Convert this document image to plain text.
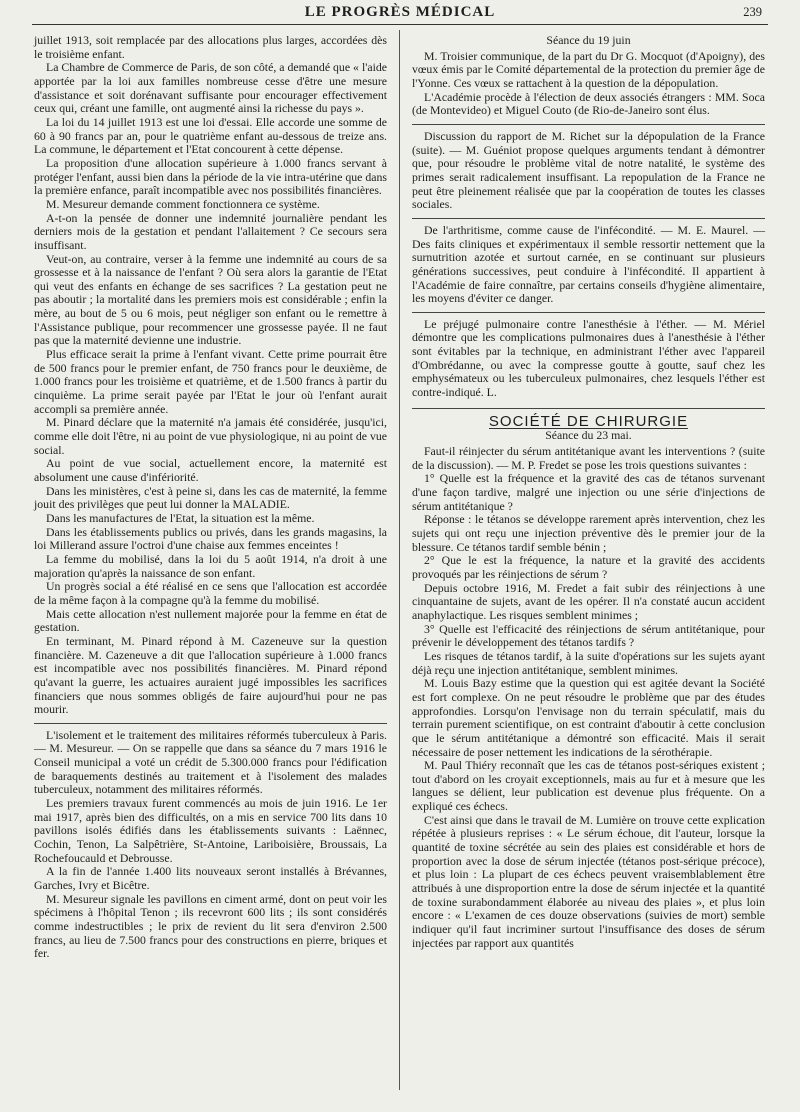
LE PROGRÈS MÉDICAL	239

juillet 1913, soit remplacée par des allocations plus larges, accordées dès le troisième enfant.

La Chambre de Commerce de Paris, de son côté, a demandé que « l'aide apportée par la loi aux familles nombreuse cesse d'être une mesure d'assistance et soit dorénavant suffisante pour encourager effectivement ceux qui, créant une famille, ont augmenté ainsi la richesse du pays ».

La loi du 14 juillet 1913 est une loi d'essai. Elle accorde une somme de 60 à 90 francs par an, pour le quatrième enfant au-dessous de treize ans. La commune, le département et l'Etat concourent à cette dépense.

La proposition d'une allocation supérieure à 1.000 francs servant à protéger l'enfant, aussi bien dans la période de la vie intra-utérine que dans la première enfance, paraît incompatible avec nos possibilités financières.

M. Mesureur demande comment fonctionnera ce système.

A-t-on la pensée de donner une indemnité journalière pendant les derniers mois de la gestation et pendant l'allaitement ? Ce secours sera insuffisant.

Veut-on, au contraire, verser à la femme une indemnité au cours de sa grossesse et à la naissance de l'enfant ? Où sera alors la garantie de l'Etat qui veut des enfants en échange de ses sacrifices ? La gestation peut ne pas aboutir ; la mortalité dans les premiers mois est considérable ; enfin la mère, au bout de 5 ou 6 mois, peut négliger son enfant ou le remettre à l'Assistance publique, pour recommencer une grossesse payée. Il ne faut pas que la maternité devienne une industrie.

Plus efficace serait la prime à l'enfant vivant. Cette prime pourrait être de 500 francs pour le premier enfant, de 750 francs pour le deuxième, de 1.000 francs pour les troisième et quatrième, et de 1.500 francs à partir du cinquième. La prime serait payée par l'Etat le jour où l'enfant aurait accompli sa première année.

M. Pinard déclare que la maternité n'a jamais été considérée, jusqu'ici, comme elle doit l'être, ni au point de vue physiologique, ni au point de vue social.

Au point de vue social, actuellement encore, la maternité est absolument une cause d'infériorité.

Dans les ministères, c'est à peine si, dans les cas de maternité, la femme jouit des privilèges que peut lui donner la MALADIE.

Dans les manufactures de l'Etat, la situation est la même.

Dans les établissements publics ou privés, dans les grands magasins, la loi Millerand assure l'octroi d'une chaise aux femmes enceintes !

La femme du mobilisé, dans la loi du 5 août 1914, n'a droit à une majoration qu'après la naissance de son enfant.

Un progrès social a été réalisé en ce sens que l'allocation est accordée de la même façon à la compagne qu'à la femme du mobilisé.

Mais cette allocation n'est nullement majorée pour la femme en état de gestation.

En terminant, M. Pinard répond à M. Cazeneuve sur la question financière. M. Cazeneuve a dit que l'allocation supérieure à 1.000 francs est incompatible avec nos possibilités financières. M. Pinard répond qu'avant la guerre, les actuaires auraient jugé impossibles les sacrifices financiers que nous sommes obligés de faire aujourd'hui pour ne pas mourir.

L'isolement et le traitement des militaires réformés tuberculeux à Paris. — M. Mesureur. — On se rappelle que dans sa séance du 7 mars 1916 le Conseil municipal a voté un crédit de 5.300.000 francs pour l'édification de baraquements destinés au traitement et à l'isolement des malades tuberculeux, notamment des militaires réformés.

Les premiers travaux furent commencés au mois de juin 1916. Le 1er mai 1917, après bien des difficultés, on a mis en service 700 lits dans 10 pavillons isolés édifiés dans les établissements suivants : Laënnec, Cochin, Tenon, La Salpêtrière, St-Antoine, Lariboisière, Broussais, La Rochefoucauld et Debrousse.

A la fin de l'année 1.400 lits nouveaux seront installés à Brévannes, Garches, Ivry et Bicêtre.

M. Mesureur signale les pavillons en ciment armé, dont on peut voir les spécimens à l'hôpital Tenon ; ils recevront 600 lits ; ils sont considérés comme indestructibles ; le prix de revient du lit sera d'environ 2.500 francs, au lieu de 7.500 francs pour des constructions en pierre, briques et fer.

Séance du 19 juin

M. Troisier communique, de la part du Dr G. Mocquot (d'Apoigny), des vœux émis par le Comité départemental de la protection du premier âge de l'Yonne. Ces vœux se rattachent à la question de la dépopulation.

L'Académie procède à l'élection de deux associés étrangers : MM. Soca (de Montevideo) et Miguel Couto (de Rio-de-Janeiro sont élus.

Discussion du rapport de M. Richet sur la dépopulation de la France (suite). — M. Guéniot propose quelques arguments tendant à démontrer que, pour résoudre le problème vital de notre natalité, le système des primes serait radicalement insuffisant. La repopulation de la France ne peut être pleinement réalisée que par la coopération de toutes les classes sociales.

De l'arthritisme, comme cause de l'infécondité. — M. E. Maurel. — Des faits cliniques et expérimentaux il semble ressortir nettement que la surnutrition azotée et surtout carnée, en se continuant sur plusieurs générations successives, peut conduire à l'infécondité. Il appartient à l'Académie de faire connaître, par certains conseils d'hygiène alimentaire, les moyens d'éviter ce danger.

Le préjugé pulmonaire contre l'anesthésie à l'éther. — M. Mériel démontre que les complications pulmonaires dues à l'anesthésie à l'éther sont évitables par la technique, en administrant l'éther avec l'appareil d'Ombrédanne, ou avec la compresse goutte à goutte, sauf chez les emphysémateux ou les tuberculeux pulmonaires, chez lesquels l'éther est contre-indiqué. L.

SOCIÉTÉ DE CHIRURGIE

Séance du 23 mai.

Faut-il réinjecter du sérum antitétanique avant les interventions ? (suite de la discussion). — M. P. Fredet se pose les trois questions suivantes :

1° Quelle est la fréquence et la gravité des cas de tétanos survenant d'une façon tardive, malgré une injection ou une série d'injections de sérum antitétanique ?

Réponse : le tétanos se développe rarement après intervention, chez les sujets qui ont reçu une injection préventive dès le premier jour de la blessure. Ce tétanos tardif semble bénin ;

2° Que le est la fréquence, la nature et la gravité des accidents provoqués par les réinjections de sérum ?

Depuis octobre 1916, M. Fredet a fait subir des réinjections à une cinquantaine de sujets, avant de les opérer. Il n'a constaté aucun accident anaphylactique. Les risques semblent minimes ;

3° Quelle est l'efficacité des réinjections de sérum antitétanique, pour prévenir le développement des tétanos tardifs ?

Les risques de tétanos tardif, à la suite d'opérations sur les sujets ayant déjà reçu une injection antitétanique, semblent minimes.

M. Louis Bazy estime que la question qui est agitée devant la Société est fort complexe. On ne peut résoudre le problème que par des études approfondies. Lorsqu'on l'envisage non du terrain spéculatif, mais du terrain purement scientifique, on est contraint d'aboutir à cette conclusion que le sérum antitétanique a démontré son efficacité. Mais il serait nécessaire de poser nettement les indications de la sérothérapie.

M. Paul Thiéry reconnaît que les cas de tétanos post-sériques existent ; tout d'abord on les croyait exceptionnels, mais au fur et à mesure que les langues se délient, leur publication est devenue plus fréquente. On a expliqué ces échecs.

C'est ainsi que dans le travail de M. Lumière on trouve cette explication répétée à plusieurs reprises : « Le sérum échoue, dit l'auteur, lorsque la quantité de toxine sécrétée au sein des plaies est considérable et hors de proportion avec la dose de sérum injectée (tétanos post-sérique précoce), et plus loin : La plupart de ces échecs peuvent vraisemblablement être attribués à une disproportion entre la dose de sérum injectée et la quantité de toxine surabondamment élaborée au niveau des plaies », et plus loin encore : « L'examen de ces douze observations (suivies de mort) semble indiquer qu'il faut incriminer surtout l'insuffisance des doses de sérum injectées par rapport aux quantités
